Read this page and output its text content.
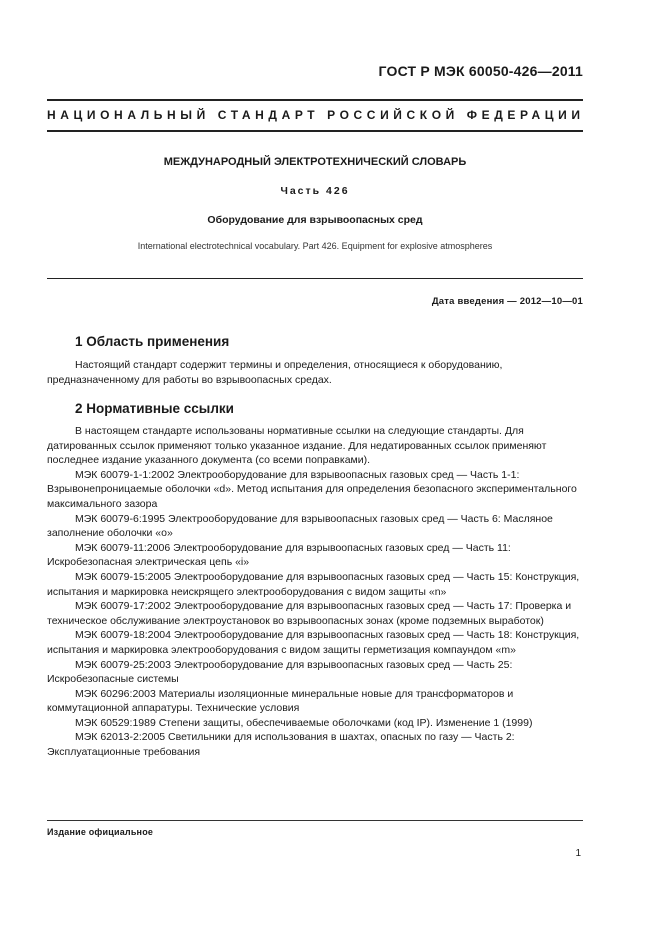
ГОСТ Р МЭК 60050-426—2011
НАЦИОНАЛЬНЫЙ СТАНДАРТ РОССИЙСКОЙ ФЕДЕРАЦИИ
МЕЖДУНАРОДНЫЙ ЭЛЕКТРОТЕХНИЧЕСКИЙ СЛОВАРЬ
Часть 426
Оборудование для взрывоопасных сред
International electrotechnical vocabulary. Part 426. Equipment for explosive atmospheres
Дата введения — 2012—10—01
1 Область применения

Настоящий стандарт содержит термины и определения, относящиеся к оборудованию, предназначенному для работы во взрывоопасных средах.

2 Нормативные ссылки

В настоящем стандарте использованы нормативные ссылки на следующие стандарты. Для датированных ссылок применяют только указанное издание. Для недатированных ссылок применяют последнее издание указанного документа (со всеми поправками).

МЭК 60079-1-1:2002 Электрооборудование для взрывоопасных газовых сред — Часть 1-1: Взрывонепроницаемые оболочки «d». Метод испытания для определения безопасного экспериментального максимального зазора

МЭК 60079-6:1995 Электрооборудование для взрывоопасных газовых сред — Часть 6: Масляное заполнение оболочки «о»

МЭК 60079-11:2006 Электрооборудование для взрывоопасных газовых сред — Часть 11: Искробезопасная электрическая цепь «i»

МЭК 60079-15:2005 Электрооборудование для взрывоопасных газовых сред — Часть 15: Конструкция, испытания и маркировка неискрящего электрооборудования с видом защиты «n»

МЭК 60079-17:2002 Электрооборудование для взрывоопасных газовых сред — Часть 17: Проверка и техническое обслуживание электроустановок во взрывоопасных зонах (кроме подземных выработок)

МЭК 60079-18:2004 Электрооборудование для взрывоопасных газовых сред — Часть 18: Конструкция, испытания и маркировка электрооборудования с видом защиты герметизация компаундом «m»

МЭК 60079-25:2003 Электрооборудование для взрывоопасных газовых сред — Часть 25: Искробезопасные системы

МЭК 60296:2003 Материалы изоляционные минеральные новые для трансформаторов и коммутационной аппаратуры. Технические условия

МЭК 60529:1989 Степени защиты, обеспечиваемые оболочками (код IP). Изменение 1 (1999)

МЭК 62013-2:2005 Светильники для использования в шахтах, опасных по газу — Часть 2: Эксплуатационные требования

Издание официальное
1
